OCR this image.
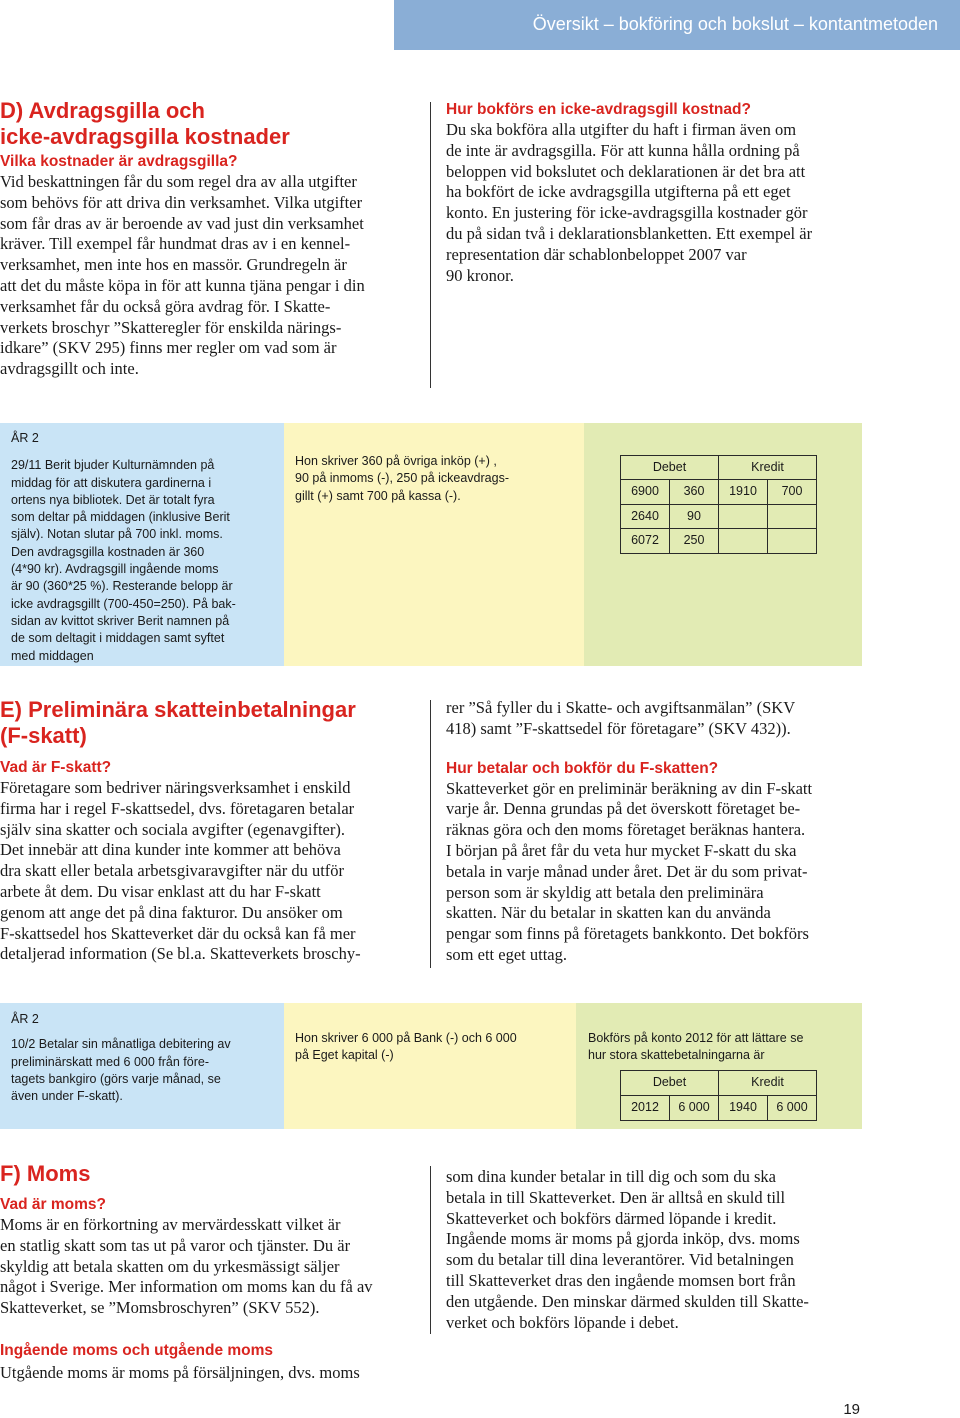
Översikt – bokföring och bokslut – kontantmetoden

D) Avdragsgilla och

icke-avdragsgilla kostnader

Vilka kostnader är avdragsgilla?

Vid beskattningen får du som regel dra av alla utgifter

som behövs för att driva din verksamhet. Vilka utgifter

som får dras av är beroende av vad just din verksamhet

kräver. Till exempel får hundmat dras av i en kennel-

verksamhet, men inte hos en massör. Grundregeln är

att det du måste köpa in för att kunna tjäna pengar i din

verksamhet får du också göra avdrag för. I Skatte-

verkets broschyr ”Skatteregler för enskilda närings-

idkare” (SKV 295) finns mer regler om vad som är

avdragsgillt och inte.

Hur bokförs en icke-avdragsgill kostnad?

Du ska bokföra alla utgifter du haft i firman även om

de inte är avdragsgilla. För att kunna hålla ordning på

beloppen vid bokslutet och deklarationen är det bra att

ha bokfört de icke avdragsgilla utgifterna på ett eget

konto. En justering för icke-avdragsgilla kostnader gör

du på sidan två i deklarationsblanketten. Ett exempel är

representation där schablonbeloppet 2007 var

90 kronor.

ÅR 2

29/11 Berit bjuder Kulturnämnden på

middag för att diskutera gardinerna i

ortens nya bibliotek. Det är totalt fyra

som deltar på middagen (inklusive Berit

själv). Notan slutar på 700 inkl. moms.

Den avdragsgilla kostnaden är 360

(4*90 kr). Avdragsgill ingående moms

är 90 (360*25 %). Resterande belopp är

icke avdragsgillt (700-450=250). På bak-

sidan av kvittot skriver Berit namnen på

de som deltagit i middagen samt syftet

med middagen

Hon skriver 360 på övriga inköp (+) ,

90 på inmoms (-), 250 på ickeavdrags-

gillt (+) samt 700 på kassa (-).

Debet		Kredit	
6900	360	1910	700
2640	90		
6072	250		

E) Preliminära skatteinbetalningar

(F-skatt)

Vad är F-skatt?

Företagare som bedriver näringsverksamhet i enskild

firma har i regel F-skattsedel, dvs. företagaren betalar

själv sina skatter och sociala avgifter (egenavgifter).

Det innebär att dina kunder inte kommer att behöva

dra skatt eller betala arbetsgivaravgifter när du utför

arbete åt dem. Du visar enklast att du har F-skatt

genom att ange det på dina fakturor. Du ansöker om

F-skattsedel hos Skatteverket där du också kan få mer

detaljerad information (Se bl.a. Skatteverkets broschy-

rer ”Så fyller du i Skatte- och avgiftsanmälan” (SKV

418) samt ”F-skattsedel för företagare” (SKV 432)).

Hur betalar och bokför du F-skatten?

Skatteverket gör en preliminär beräkning av din F-skatt

varje år. Denna grundas på det överskott företaget be-

räknas göra och den moms företaget beräknas hantera.

I början på året får du veta hur mycket F-skatt du ska

betala in varje månad under året. Det är du som privat-

person som är skyldig att betala den preliminära

skatten. När du betalar in skatten kan du använda

pengar som finns på företagets bankkonto. Det bokförs

som ett eget uttag.

ÅR 2

10/2 Betalar sin månatliga debitering av

preliminärskatt med 6 000 från före-

tagets bankgiro (görs varje månad, se

även under F-skatt).

Hon skriver 6 000 på Bank (-) och 6 000

på Eget kapital (-)

Bokförs på konto 2012 för att lättare se

hur stora skattebetalningarna är

Debet		Kredit	
2012	6 000	1940	6 000

F) Moms

Vad är moms?

Moms är en förkortning av mervärdesskatt vilket är

en statlig skatt som tas ut på varor och tjänster. Du är

skyldig att betala skatten om du yrkesmässigt säljer

något i Sverige. Mer information om moms kan du få av

Skatteverket, se ”Momsbroschyren” (SKV 552).

Ingående moms och utgående moms

Utgående moms är moms på försäljningen, dvs. moms

som dina kunder betalar in till dig och som du ska

betala in till Skatteverket. Den är alltså en skuld till

Skatteverket och bokförs därmed löpande i kredit.

Ingående moms är moms på gjorda inköp, dvs. moms

som du betalar till dina leverantörer. Vid betalningen

till Skatteverket dras den ingående momsen bort från

den utgående. Den minskar därmed skulden till Skatte-

verket och bokförs löpande i debet.

19
